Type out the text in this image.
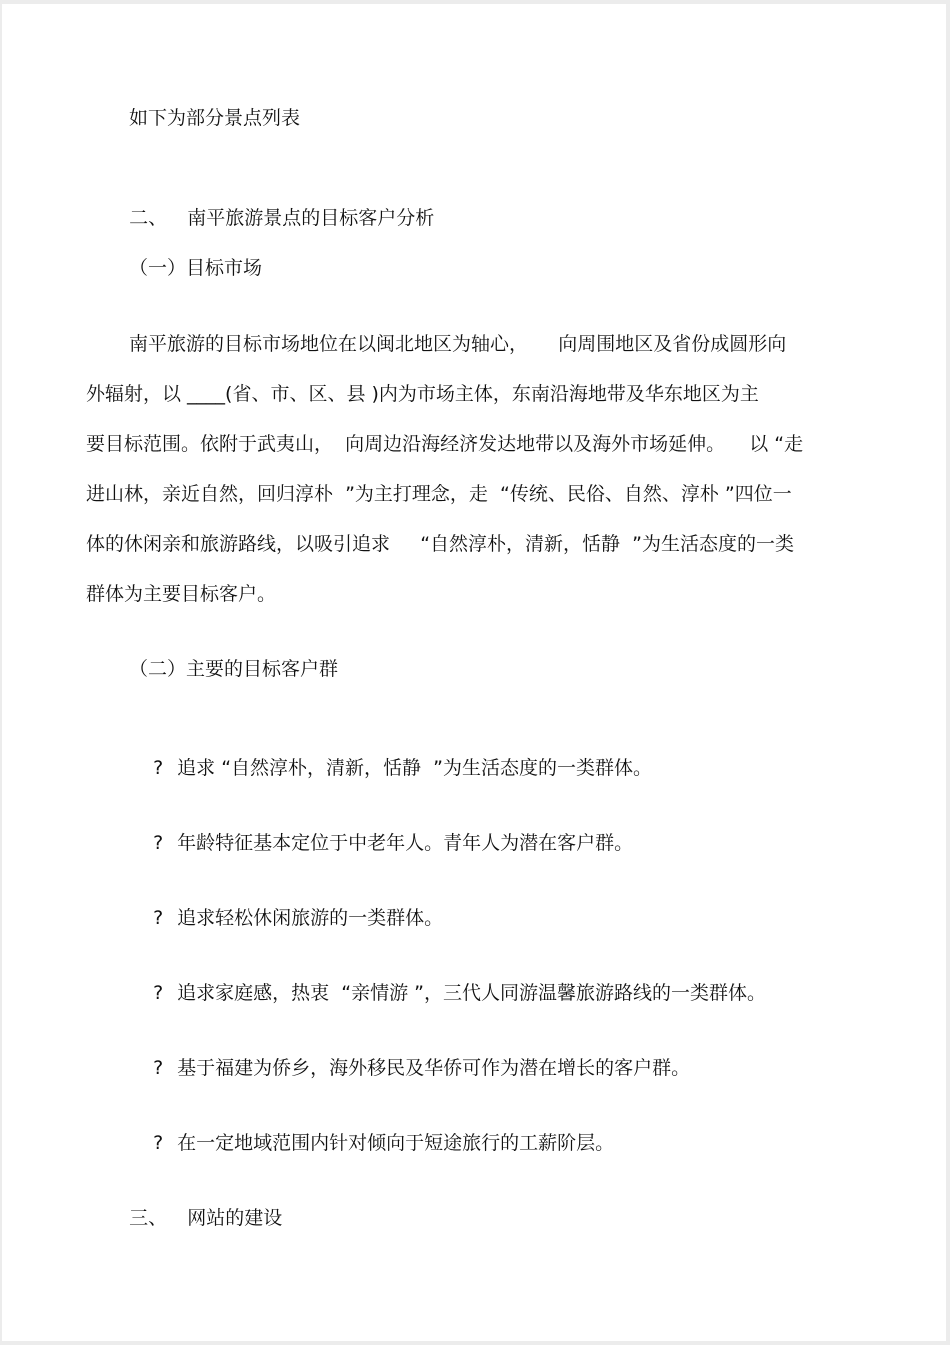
如下为部分景点列表

二、 南平旅游景点的目标客户分析

（一）目标市场

南平旅游的目标市场地位在以闽北地区为轴心，     向周围地区及省份成圆形向

外辐射，以 ____(省、市、区、县 )内为市场主体，东南沿海地带及华东地区为主

要目标范围。依附于武夷山，  向周边沿海经济发达地带以及海外市场延伸。    以 “走

进山林，亲近自然，回归淳朴  ”为主打理念，走  “传统、民俗、自然、淳朴 ”四位一

体的休闲亲和旅游路线，以吸引追求     “自然淳朴，清新，恬静  ”为生活态度的一类

群体为主要目标客户。

（二）主要的目标客户群

? 追求 “自然淳朴，清新，恬静  ”为生活态度的一类群体。

? 年龄特征基本定位于中老年人。青年人为潜在客户群。

? 追求轻松休闲旅游的一类群体。

? 追求家庭感，热衷  “亲情游 ”，三代人同游温馨旅游路线的一类群体。

? 基于福建为侨乡，海外移民及华侨可作为潜在增长的客户群。

? 在一定地域范围内针对倾向于短途旅行的工薪阶层。

三、 网站的建设
